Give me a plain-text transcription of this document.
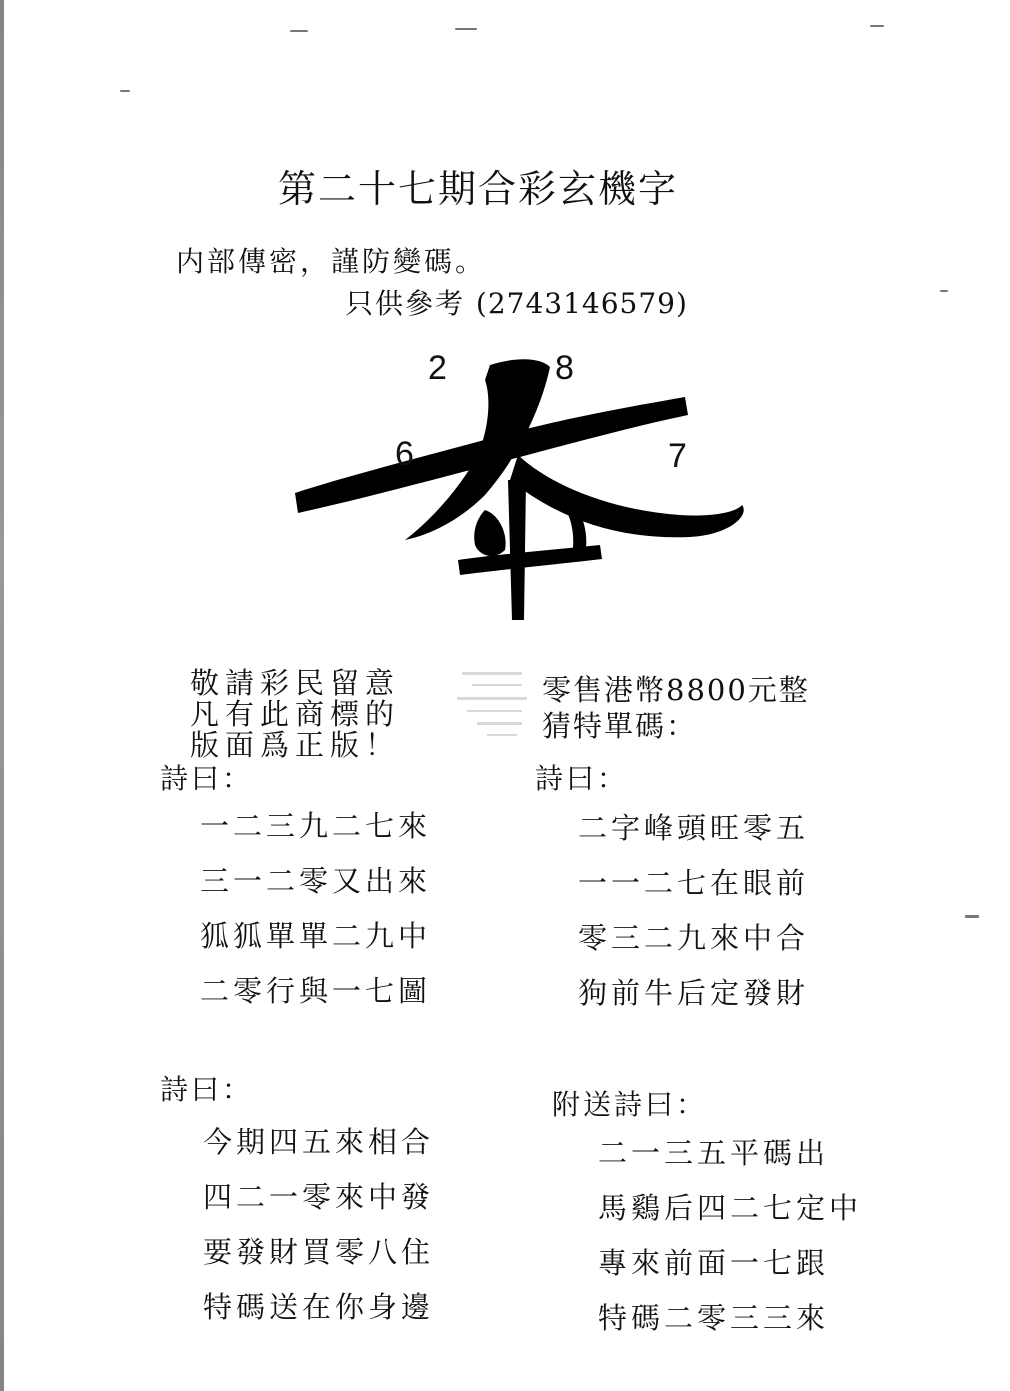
第二十七期合彩玄機字
内部傳密，謹防變碼。
只供參考 (2743146579)
2	8
6	7
敬請彩民留意
凡有此商標的
版面爲正版！
零售港幣8800元整
猜特單碼：
詩曰：
一二三九二七來
三一二零又出來
狐狐單單二九中
二零行與一七圖
詩曰：
二字峰頭旺零五
一一二七在眼前
零三二九來中合
狗前牛后定發財
詩曰：
今期四五來相合
四二一零來中發
要發財買零八住
特碼送在你身邊
附送詩曰：
二一三五平碼出
馬鷄后四二七定中
專來前面一七跟
特碼二零三三來
